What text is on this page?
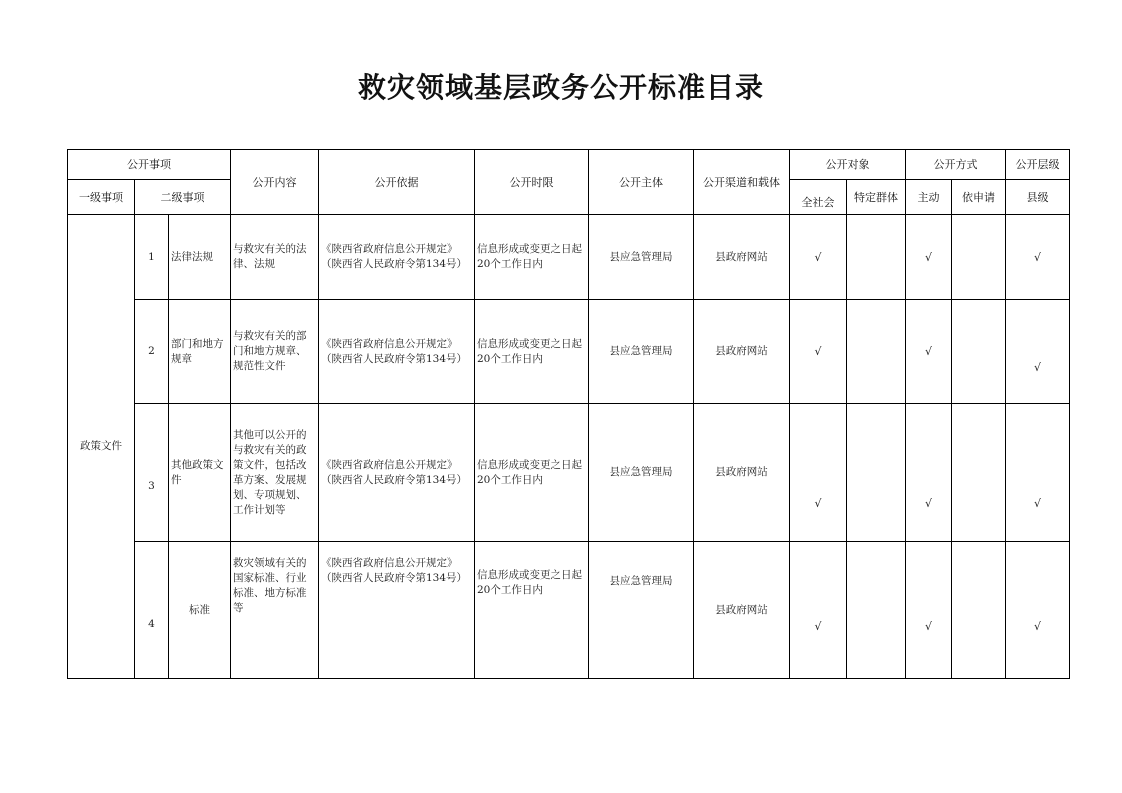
救灾领域基层政务公开标准目录
公开事项			公开内容	公开依据	公开时限	公开主体	公开渠道和载体	公开对象		公开方式		公开层级
一级事项	二级事项							全社会	特定群体	主动	依申请	县级
政策文件	1	法律法规	与救灾有关的法律、法规	《陕西省政府信息公开规定》（陕西省人民政府令第134号）	信息形成或变更之日起20个工作日内	县应急管理局	县政府网站	√		√		√
	2	部门和地方规章	与救灾有关的部门和地方规章、规范性文件	《陕西省政府信息公开规定》（陕西省人民政府令第134号）	信息形成或变更之日起20个工作日内	县应急管理局	县政府网站	√		√		√
	3	其他政策文件	其他可以公开的与救灾有关的政策文件，包括改革方案、发展规划、专项规划、工作计划等	《陕西省政府信息公开规定》（陕西省人民政府令第134号）	信息形成或变更之日起20个工作日内	县应急管理局	县政府网站	√		√		√
	4	标准	救灾领域有关的国家标准、行业标准、地方标准等	《陕西省政府信息公开规定》（陕西省人民政府令第134号）	信息形成或变更之日起20个工作日内	县应急管理局	县政府网站	√		√		√
